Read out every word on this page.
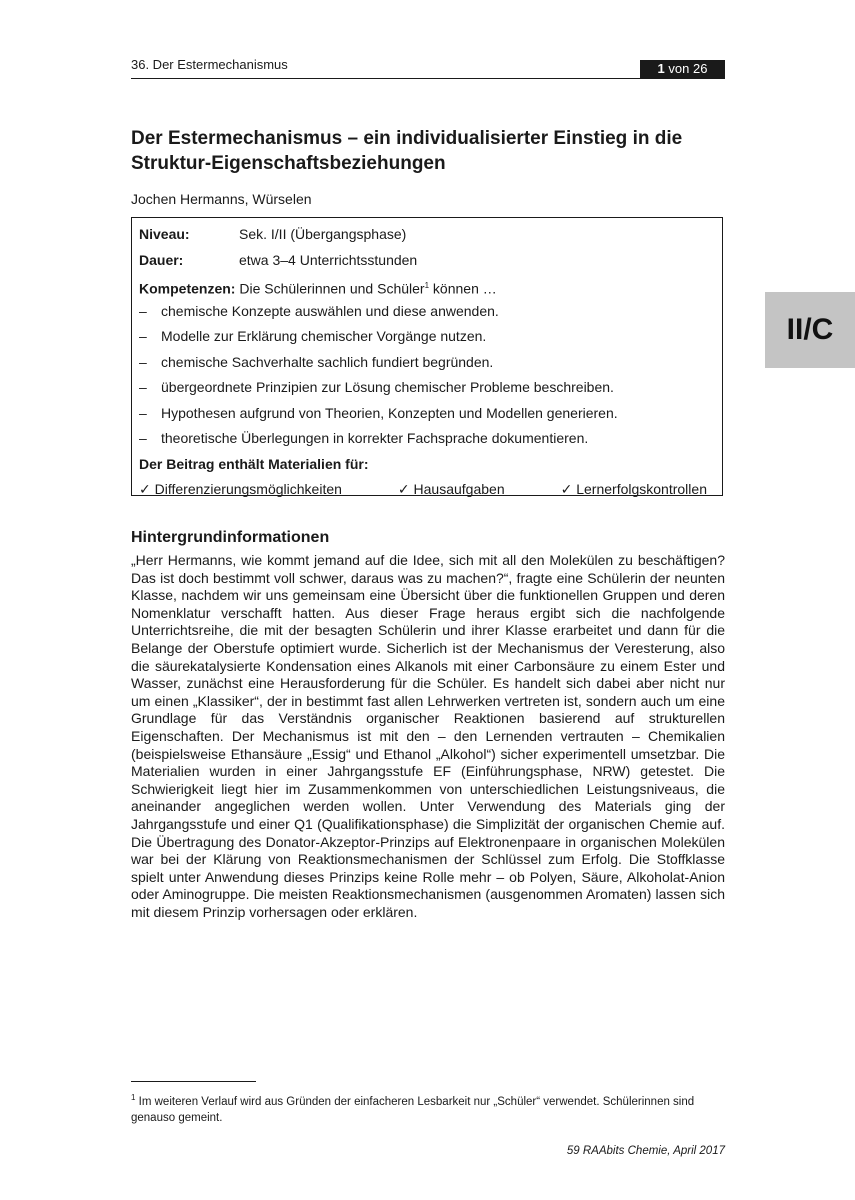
36. Der Estermechanismus	1 von 26
II/C
Der Estermechanismus – ein individualisierter Einstieg in die Struktur-Eigenschaftsbeziehungen
Jochen Hermanns, Würselen
Niveau:	Sek. I/II (Übergangsphase)
Dauer:	etwa 3–4 Unterrichtsstunden
Kompetenzen: Die Schülerinnen und Schüler$^1$ können …
– chemische Konzepte auswählen und diese anwenden.
– Modelle zur Erklärung chemischer Vorgänge nutzen.
– chemische Sachverhalte sachlich fundiert begründen.
– übergeordnete Prinzipien zur Lösung chemischer Probleme beschreiben.
– Hypothesen aufgrund von Theorien, Konzepten und Modellen generieren.
– theoretische Überlegungen in korrekter Fachsprache dokumentieren.
Der Beitrag enthält Materialien für:
✓ Differenzierungsmöglichkeiten	✓ Hausaufgaben	✓ Lernerfolgskontrollen
Hintergrundinformationen

„Herr Hermanns, wie kommt jemand auf die Idee, sich mit all den Molekülen zu beschäftigen? Das ist doch bestimmt voll schwer, daraus was zu machen?“, fragte eine Schülerin der neunten Klasse, nachdem wir uns gemeinsam eine Übersicht über die funktionellen Gruppen und deren Nomenklatur verschafft hatten. Aus dieser Frage heraus ergibt sich die nachfolgende Unterrichtsreihe, die mit der besagten Schülerin und ihrer Klasse erarbeitet und dann für die Belange der Oberstufe optimiert wurde. Sicherlich ist der Mechanismus der Veresterung, also die säurekatalysierte Kondensation eines Alkanols mit einer Carbonsäure zu einem Ester und Wasser, zunächst eine Herausforderung für die Schüler. Es handelt sich dabei aber nicht nur um einen „Klassiker“, der in bestimmt fast allen Lehrwerken vertreten ist, sondern auch um eine Grundlage für das Verständnis organischer Reaktionen basierend auf strukturellen Eigenschaften. Der Mechanismus ist mit den – den Lernenden vertrauten – Chemikalien (beispielsweise Ethansäure „Essig“ und Ethanol „Alkohol“) sicher experimentell umsetzbar. Die Materialien wurden in einer Jahrgangsstufe EF (Einführungsphase, NRW) getestet. Die Schwierigkeit liegt hier im Zusammenkommen von unterschiedlichen Leistungsniveaus, die aneinander angeglichen werden wollen. Unter Verwendung des Materials ging der Jahrgangsstufe und einer Q1 (Qualifikationsphase) die Simplizität der organischen Chemie auf. Die Übertragung des Donator-Akzeptor-Prinzips auf Elektronenpaare in organischen Molekülen war bei der Klärung von Reaktionsmechanismen der Schlüssel zum Erfolg. Die Stoffklasse spielt unter Anwendung dieses Prinzips keine Rolle mehr – ob Polyen, Säure, Alkoholat-Anion oder Aminogruppe. Die meisten Reaktionsmechanismen (ausgenommen Aromaten) lassen sich mit diesem Prinzip vorhersagen oder erklären.

$^1$ Im weiteren Verlauf wird aus Gründen der einfacheren Lesbarkeit nur „Schüler“ verwendet. Schülerinnen sind genauso gemeint.

59 RAAbits Chemie, April 2017
